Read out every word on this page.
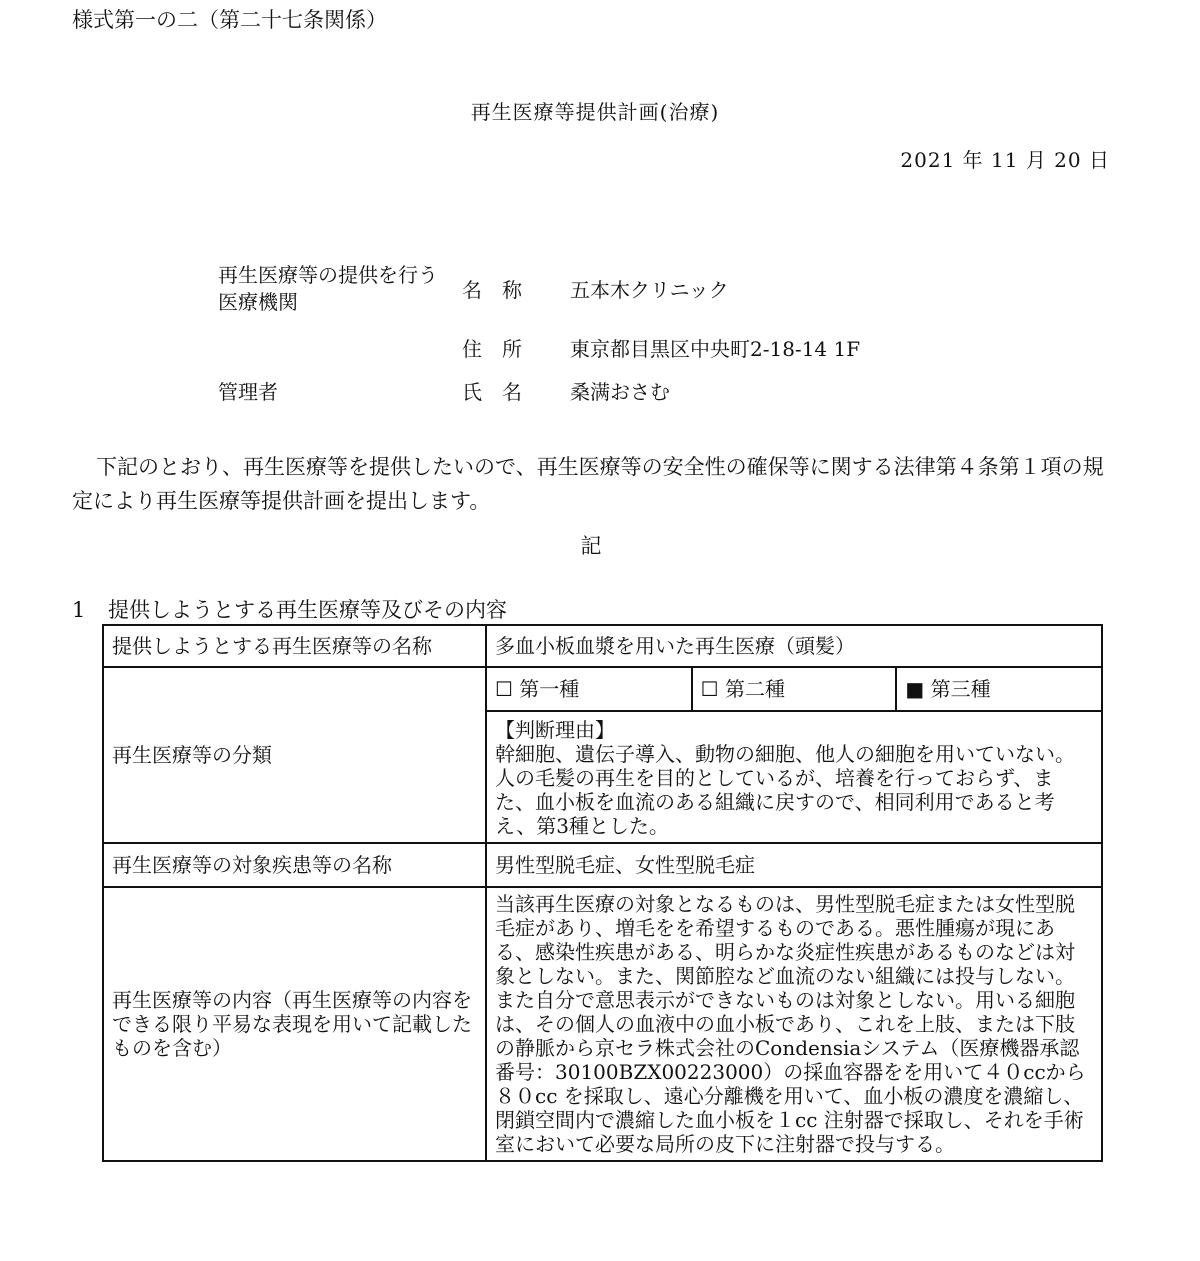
様式第一の二（第二十七条関係）
再生医療等提供計画(治療)
2021 年 11 月 20 日
再生医療等の提供を行う医療機関	名称 五本木クリニック
住所 東京都目黒区中央町2-18-14 1F
管理者	氏名 桑满おさむ
下記のとおり、再生医療等を提供したいので、再生医療等の安全性の確保等に関する法律第４条第１項の規定により再生医療等提供計画を提出します。
記
1 提供しようとする再生医療等及びその内容
提供しようとする再生医療等の名称	多血小板血漿を用いた再生医療（頭髪）
再生医療等の分類	
☐ 第一種	☐ 第二種	■ 第三種
【判断理由】
幹細胞、遺伝子導入、動物の細胞、他人の細胞を用いていない。人の毛髪の再生を目的としているが、培養を行っておらず、また、血小板を血流のある組織に戻すので、相同利用であると考え、第3種とした。

再生医療等の対象疾患等の名称	男性型脱毛症、女性型脱毛症
再生医療等の内容（再生医療等の内容をできる限り平易な表現を用いて記載したものを含む）	当該再生医療の対象となるものは、男性型脱毛症または女性型脱毛症があり、増毛をを希望するものである。悪性腫瘍が現にある、感染性疾患がある、明らかな炎症性疾患があるものなどは対象としない。また、関節腔など血流のない組織には投与しない。また自分で意思表示ができないものは対象としない。用いる細胞は、その個人の血液中の血小板であり、これを上肢、または下肢の静脈から京セラ株式会社のCondensiaシステム（医療機器承認番号：30100BZX00223000）の採血容器をを用いて４０ccから８０cc を採取し、遠心分離機を用いて、血小板の濃度を濃縮し、閉鎖空間内で濃縮した血小板を１cc 注射器で採取し、それを手術室において必要な局所の皮下に注射器で投与する。
